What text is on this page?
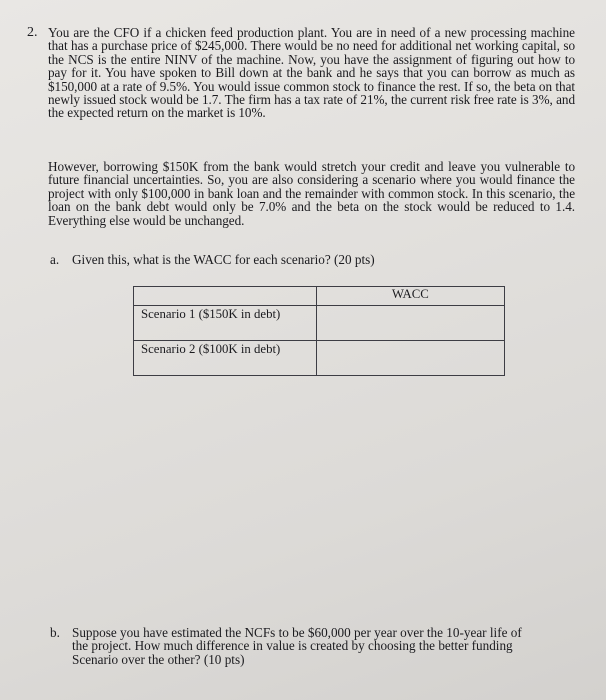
2. You are the CFO if a chicken feed production plant. You are in need of a new processing machine that has a purchase price of $245,000. There would be no need for additional net working capital, so the NCS is the entire NINV of the machine. Now, you have the assignment of figuring out how to pay for it. You have spoken to Bill down at the bank and he says that you can borrow as much as $150,000 at a rate of 9.5%. You would issue common stock to finance the rest. If so, the beta on that newly issued stock would be 1.7. The firm has a tax rate of 21%, the current risk free rate is 3%, and the expected return on the market is 10%.
However, borrowing $150K from the bank would stretch your credit and leave you vulnerable to future financial uncertainties. So, you are also considering a scenario where you would finance the project with only $100,000 in bank loan and the remainder with common stock. In this scenario, the loan on the bank debt would only be 7.0% and the beta on the stock would be reduced to 1.4. Everything else would be unchanged.
a. Given this, what is the WACC for each scenario? (20 pts)
	WACC
Scenario 1 ($150K in debt)	
Scenario 2 ($100K in debt)	
b. Suppose you have estimated the NCFs to be $60,000 per year over the 10-year life of the project. How much difference in value is created by choosing the better funding Scenario over the other? (10 pts)
